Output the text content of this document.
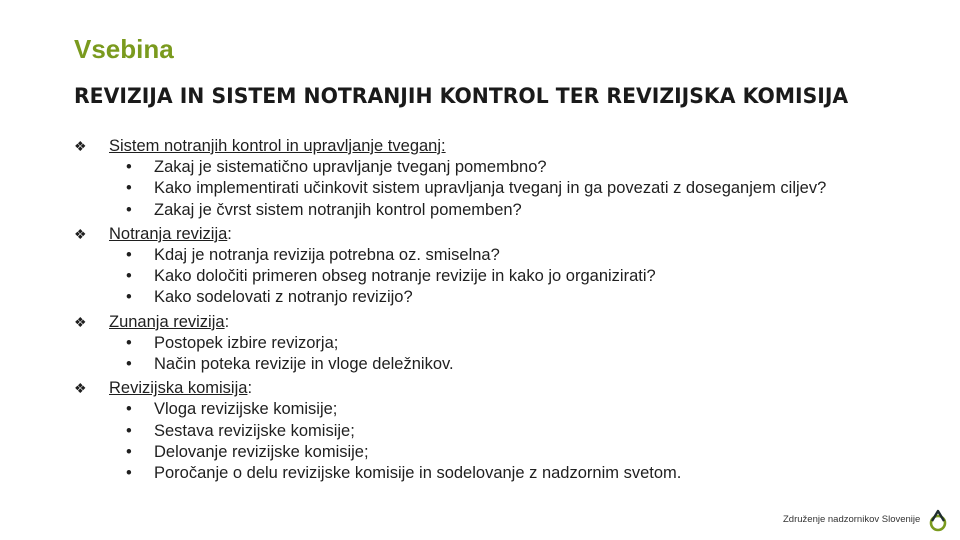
Vsebina
REVIZIJA IN SISTEM NOTRANJIH KONTROL TER REVIZIJSKA KOMISIJA
❖ Sistem notranjih kontrol in upravljanje tveganj:
• Zakaj je sistematično upravljanje tveganj pomembno?
• Kako implementirati učinkovit sistem upravljanja tveganj in ga povezati z doseganjem ciljev?
• Zakaj je čvrst sistem notranjih kontrol pomemben?
❖ Notranja revizija:
• Kdaj je notranja revizija potrebna oz. smiselna?
• Kako določiti primeren obseg notranje revizije in kako jo organizirati?
• Kako sodelovati z notranjo revizijo?
❖ Zunanja revizija:
• Postopek izbire revizorja;
• Način poteka revizije in vloge deležnikov.
❖ Revizijska komisija:
• Vloga revizijske komisije;
• Sestava revizijske komisije;
• Delovanje revizijske komisije;
• Poročanje o delu revizijske komisije in sodelovanje z nadzornim svetom.
Združenje nadzornikov Slovenije
